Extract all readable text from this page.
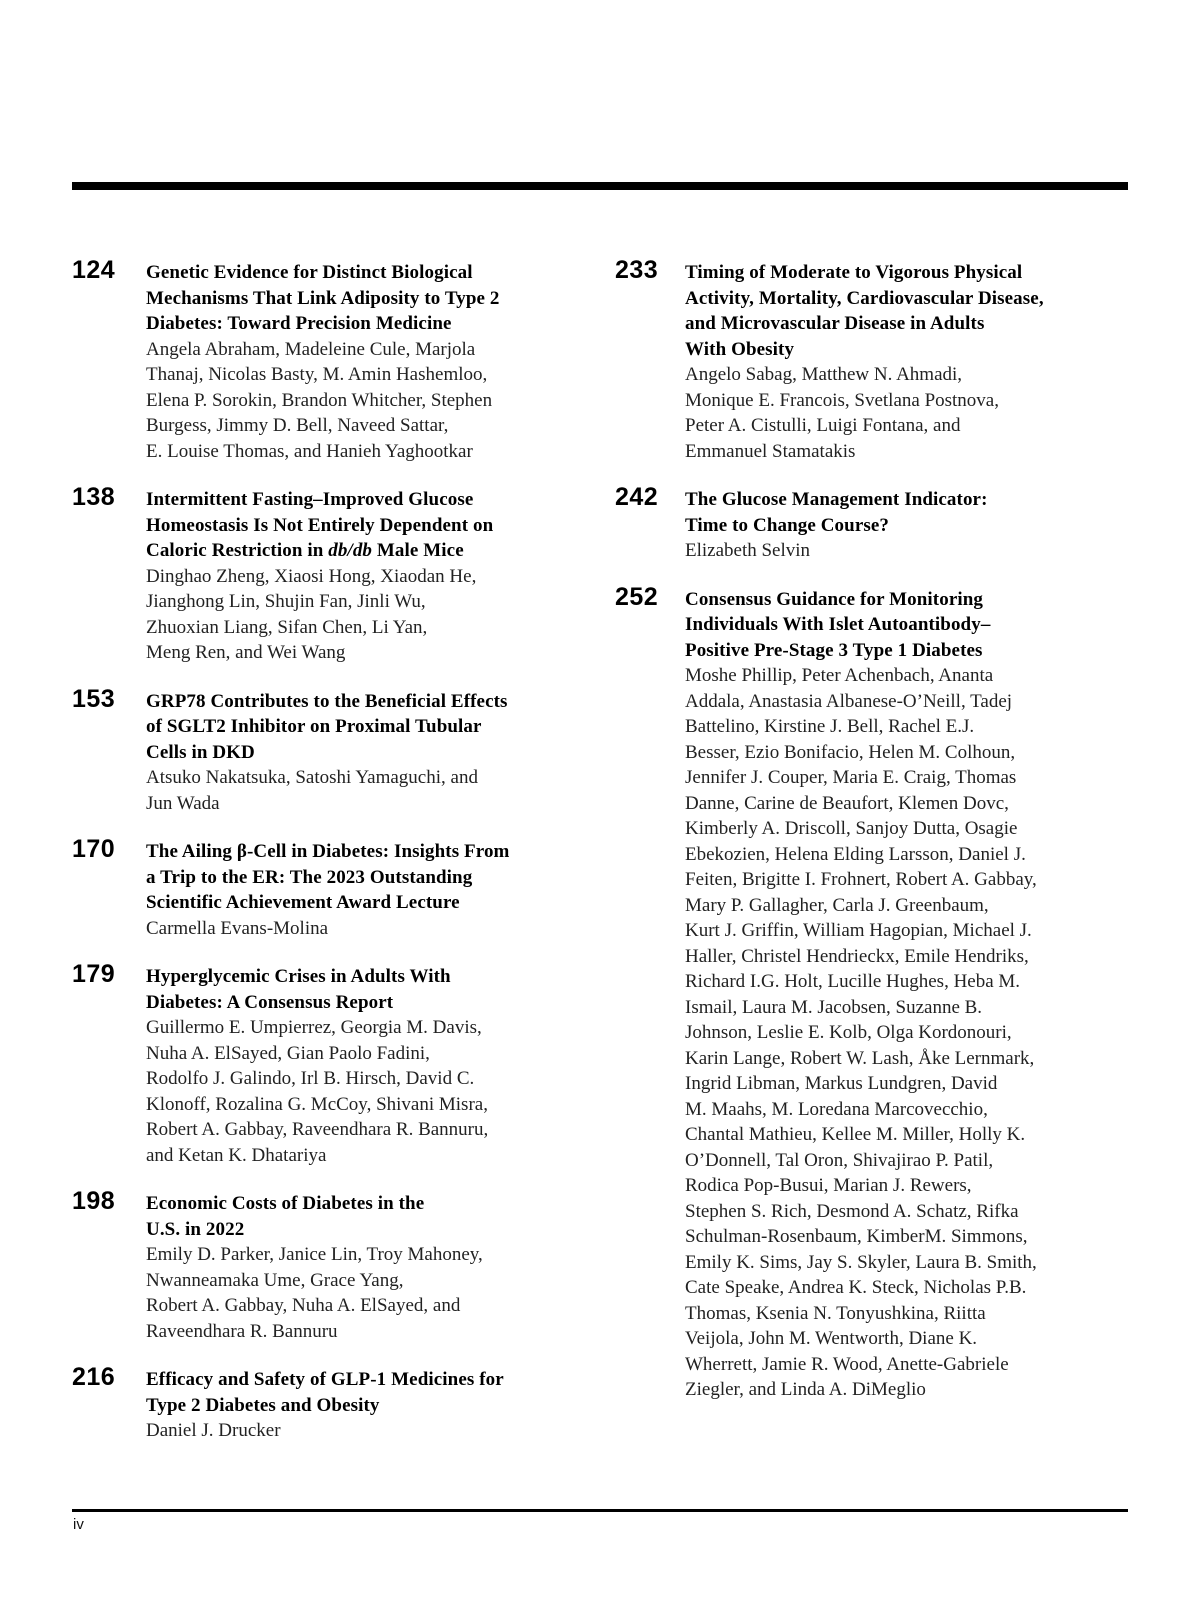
124	Genetic Evidence for Distinct Biological
Mechanisms That Link Adiposity to Type 2
Diabetes: Toward Precision Medicine
Angela Abraham, Madeleine Cule, Marjola
Thanaj, Nicolas Basty, M. Amin Hashemloo,
Elena P. Sorokin, Brandon Whitcher, Stephen
Burgess, Jimmy D. Bell, Naveed Sattar,
E. Louise Thomas, and Hanieh Yaghootkar
138	Intermittent Fasting–Improved Glucose
Homeostasis Is Not Entirely Dependent on
Caloric Restriction in db/db Male Mice
Dinghao Zheng, Xiaosi Hong, Xiaodan He,
Jianghong Lin, Shujin Fan, Jinli Wu,
Zhuoxian Liang, Sifan Chen, Li Yan,
Meng Ren, and Wei Wang
153	GRP78 Contributes to the Beneficial Effects
of SGLT2 Inhibitor on Proximal Tubular
Cells in DKD
Atsuko Nakatsuka, Satoshi Yamaguchi, and
Jun Wada
170	The Ailing β-Cell in Diabetes: Insights From
a Trip to the ER: The 2023 Outstanding
Scientific Achievement Award Lecture
Carmella Evans-Molina
179	Hyperglycemic Crises in Adults With
Diabetes: A Consensus Report
Guillermo E. Umpierrez, Georgia M. Davis,
Nuha A. ElSayed, Gian Paolo Fadini,
Rodolfo J. Galindo, Irl B. Hirsch, David C.
Klonoff, Rozalina G. McCoy, Shivani Misra,
Robert A. Gabbay, Raveendhara R. Bannuru,
and Ketan K. Dhatariya
198	Economic Costs of Diabetes in the
U.S. in 2022
Emily D. Parker, Janice Lin, Troy Mahoney,
Nwanneamaka Ume, Grace Yang,
Robert A. Gabbay, Nuha A. ElSayed, and
Raveendhara R. Bannuru
216	Efficacy and Safety of GLP-1 Medicines for
Type 2 Diabetes and Obesity
Daniel J. Drucker
233	Timing of Moderate to Vigorous Physical
Activity, Mortality, Cardiovascular Disease,
and Microvascular Disease in Adults
With Obesity
Angelo Sabag, Matthew N. Ahmadi,
Monique E. Francois, Svetlana Postnova,
Peter A. Cistulli, Luigi Fontana, and
Emmanuel Stamatakis
242	The Glucose Management Indicator:
Time to Change Course?
Elizabeth Selvin
252	Consensus Guidance for Monitoring
Individuals With Islet Autoantibody–
Positive Pre-Stage 3 Type 1 Diabetes
Moshe Phillip, Peter Achenbach, Ananta
Addala, Anastasia Albanese-O’Neill, Tadej
Battelino, Kirstine J. Bell, Rachel E.J.
Besser, Ezio Bonifacio, Helen M. Colhoun,
Jennifer J. Couper, Maria E. Craig, Thomas
Danne, Carine de Beaufort, Klemen Dovc,
Kimberly A. Driscoll, Sanjoy Dutta, Osagie
Ebekozien, Helena Elding Larsson, Daniel J.
Feiten, Brigitte I. Frohnert, Robert A. Gabbay,
Mary P. Gallagher, Carla J. Greenbaum,
Kurt J. Griffin, William Hagopian, Michael J.
Haller, Christel Hendrieckx, Emile Hendriks,
Richard I.G. Holt, Lucille Hughes, Heba M.
Ismail, Laura M. Jacobsen, Suzanne B.
Johnson, Leslie E. Kolb, Olga Kordonouri,
Karin Lange, Robert W. Lash, Åke Lernmark,
Ingrid Libman, Markus Lundgren, David
M. Maahs, M. Loredana Marcovecchio,
Chantal Mathieu, Kellee M. Miller, Holly K.
O’Donnell, Tal Oron, Shivajirao P. Patil,
Rodica Pop-Busui, Marian J. Rewers,
Stephen S. Rich, Desmond A. Schatz, Rifka
Schulman-Rosenbaum, KimberM. Simmons,
Emily K. Sims, Jay S. Skyler, Laura B. Smith,
Cate Speake, Andrea K. Steck, Nicholas P.B.
Thomas, Ksenia N. Tonyushkina, Riitta
Veijola, John M. Wentworth, Diane K.
Wherrett, Jamie R. Wood, Anette-Gabriele
Ziegler, and Linda A. DiMeglio
iv
